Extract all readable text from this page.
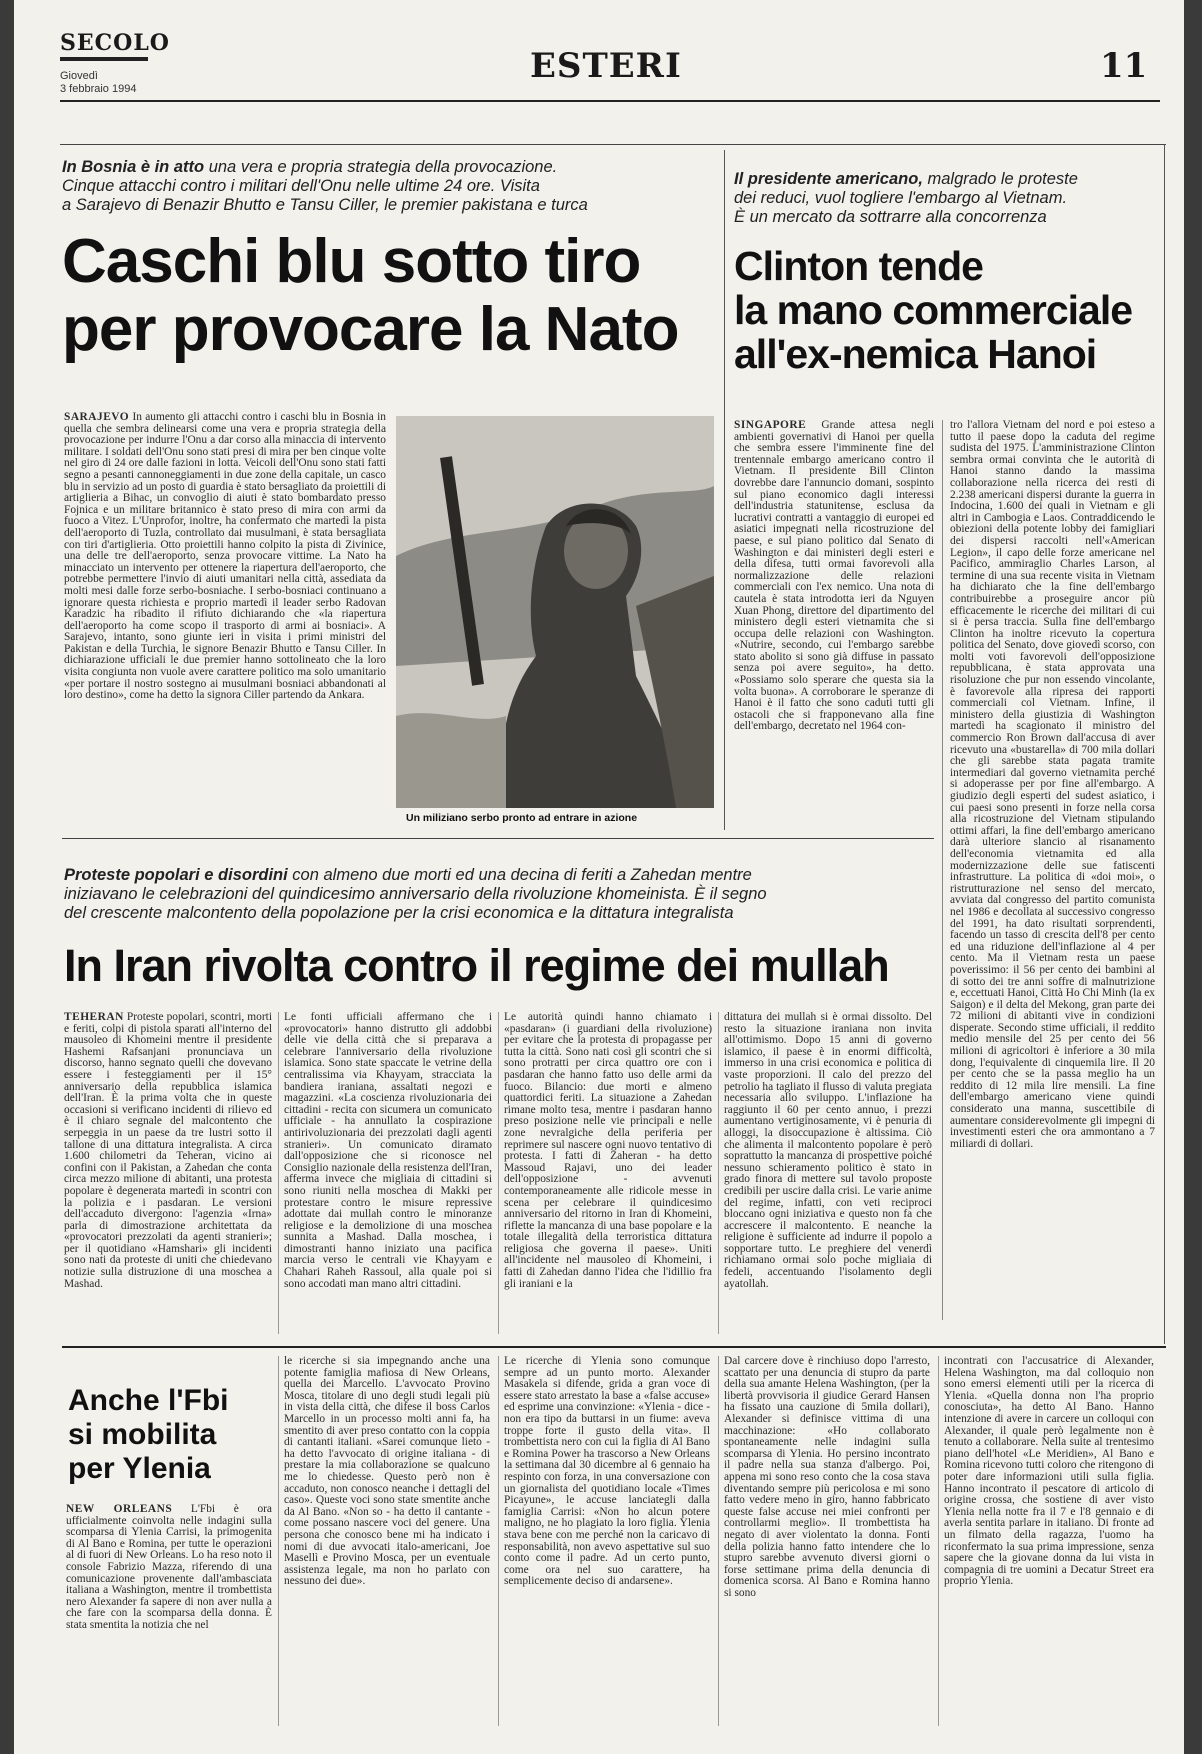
SECOLO
Giovedì
3 febbraio 1994
ESTERI	11
In Bosnia è in atto una vera e propria strategia della provocazione.
Cinque attacchi contro i militari dell'Onu nelle ultime 24 ore. Visita
a Sarajevo di Benazir Bhutto e Tansu Ciller, le premier pakistana e turca
Caschi blu sotto tiro
per provocare la Nato
SARAJEVO In aumento gli attacchi contro i caschi blu in Bosnia in quella che sembra delinearsi come una vera e propria strategia della provocazione per indurre l'Onu a dar corso alla minaccia di intervento militare. I soldati dell'Onu sono stati presi di mira per ben cinque volte nel giro di 24 ore dalle fazioni in lotta. Veicoli dell'Onu sono stati fatti segno a pesanti cannoneggiamenti in due zone della capitale, un casco blu in servizio ad un posto di guardia è stato bersagliato da proiettili di artiglieria a Bihac, un convoglio di aiuti è stato bombardato presso Fojnica e un militare britannico è stato preso di mira con armi da fuoco a Vitez. L'Unprofor, inoltre, ha confermato che martedì la pista dell'aeroporto di Tuzla, controllato dai musulmani, è stata bersagliata con tiri d'artiglieria. Otto proiettili hanno colpito la pista di Zivinice, una delle tre dell'aeroporto, senza provocare vittime. La Nato ha minacciato un intervento per ottenere la riapertura dell'aeroporto, che potrebbe permettere l'invio di aiuti umanitari nella città, assediata da molti mesi dalle forze serbo-bosniache. I serbo-bosniaci continuano a ignorare questa richiesta e proprio martedì il leader serbo Radovan Karadzic ha ribadito il rifiuto dichiarando che «la riapertura dell'aeroporto ha come scopo il trasporto di armi ai bosniaci». A Sarajevo, intanto, sono giunte ieri in visita i primi ministri del Pakistan e della Turchia, le signore Benazir Bhutto e Tansu Ciller. In dichiarazione ufficiali le due premier hanno sottolineato che la loro visita congiunta non vuole avere carattere politico ma solo umanitario «per portare il nostro sostegno ai musulmani bosniaci abbandonati al loro destino», come ha detto la signora Ciller partendo da Ankara.
Un miliziano serbo pronto ad entrare in azione
Il presidente americano, malgrado le proteste
dei reduci, vuol togliere l'embargo al Vietnam.
È un mercato da sottrarre alla concorrenza
Clinton tende
la mano commerciale
all'ex-nemica Hanoi
SINGAPORE Grande attesa negli ambienti governativi di Hanoi per quella che sembra essere l'imminente fine del trentennale embargo americano contro il Vietnam. Il presidente Bill Clinton dovrebbe dare l'annuncio domani, sospinto sul piano economico dagli interessi dell'industria statunitense, esclusa da lucrativi contratti a vantaggio di europei ed asiatici impegnati nella ricostruzione del paese, e sul piano politico dal Senato di Washington e dai ministeri degli esteri e della difesa, tutti ormai favorevoli alla normalizzazione delle relazioni commerciali con l'ex nemico. Una nota di cautela è stata introdotta ieri da Nguyen Xuan Phong, direttore del dipartimento del ministero degli esteri vietnamita che si occupa delle relazioni con Washington. «Nutrire, secondo, cui l'embargo sarebbe stato abolito si sono già diffuse in passato senza poi avere seguito», ha detto. «Possiamo solo sperare che questa sia la volta buona». A corroborare le speranze di Hanoi è il fatto che sono caduti tutti gli ostacoli che si frapponevano alla fine dell'embargo, decretato nel 1964 con-
tro l'allora Vietnam del nord e poi esteso a tutto il paese dopo la caduta del regime sudista del 1975. L'amministrazione Clinton sembra ormai convinta che le autorità di Hanoi stanno dando la massima collaborazione nella ricerca dei resti di 2.238 americani dispersi durante la guerra in Indocina, 1.600 dei quali in Vietnam e gli altri in Cambogia e Laos. Contraddicendo le obiezioni della potente lobby dei famigliari dei dispersi raccolti nell'«American Legion», il capo delle forze americane nel Pacifico, ammiraglio Charles Larson, al termine di una sua recente visita in Vietnam ha dichiarato che la fine dell'embargo contribuirebbe a proseguire ancor più efficacemente le ricerche dei militari di cui si è persa traccia. Sulla fine dell'embargo Clinton ha inoltre ricevuto la copertura politica del Senato, dove giovedì scorso, con molti voti favorevoli dell'opposizione repubblicana, è stata approvata una risoluzione che pur non essendo vincolante, è favorevole alla ripresa dei rapporti commerciali col Vietnam. Infine, il ministero della giustizia di Washington martedì ha scagionato il ministro del commercio Ron Brown dall'accusa di aver ricevuto una «bustarella» di 700 mila dollari che gli sarebbe stata pagata tramite intermediari dal governo vietnamita perché si adoperasse per por fine all'embargo. A giudizio degli esperti del sudest asiatico, i cui paesi sono presenti in forze nella corsa alla ricostruzione del Vietnam stipulando ottimi affari, la fine dell'embargo americano darà ulteriore slancio al risanamento dell'economia vietnamita ed alla modernizzazione delle sue fatiscenti infrastrutture. La politica di «doi moi», o ristrutturazione nel senso del mercato, avviata dal congresso del partito comunista nel 1986 e decollata al successivo congresso del 1991, ha dato risultati sorprendenti, facendo un tasso di crescita dell'8 per cento ed una riduzione dell'inflazione al 4 per cento. Ma il Vietnam resta un paese poverissimo: il 56 per cento dei bambini al di sotto dei tre anni soffre di malnutrizione e, eccettuati Hanoi, Città Ho Chi Minh (la ex Saigon) e il delta del Mekong, gran parte dei 72 milioni di abitanti vive in condizioni disperate. Secondo stime ufficiali, il reddito medio mensile del 25 per cento dei 56 milioni di agricoltori è inferiore a 30 mila dong, l'equivalente di cinquemila lire. Il 20 per cento che se la passa meglio ha un reddito di 12 mila lire mensili. La fine dell'embargo americano viene quindi considerato una manna, suscettibile di aumentare considerevolmente gli impegni di investimenti esteri che ora ammontano a 7 miliardi di dollari.
Proteste popolari e disordini con almeno due morti ed una decina di feriti a Zahedan mentre
iniziavano le celebrazioni del quindicesimo anniversario della rivoluzione khomeinista. È il segno
del crescente malcontento della popolazione per la crisi economica e la dittatura integralista
In Iran rivolta contro il regime dei mullah
TEHERAN Proteste popolari, scontri, morti e feriti, colpi di pistola sparati all'interno del mausoleo di Khomeini mentre il presidente Hashemi Rafsanjani pronunciava un discorso, hanno segnato quelli che dovevano essere i festeggiamenti per il 15° anniversario della repubblica islamica dell'Iran. È la prima volta che in queste occasioni si verificano incidenti di rilievo ed è il chiaro segnale del malcontento che serpeggia in un paese da tre lustri sotto il tallone di una dittatura integralista. A circa 1.600 chilometri da Teheran, vicino ai confini con il Pakistan, a Zahedan che conta circa mezzo milione di abitanti, una protesta popolare è degenerata martedì in scontri con la polizia e i pasdaran. Le versioni dell'accaduto divergono: l'agenzia «Irna» parla di dimostrazione architettata da «provocatori prezzolati da agenti stranieri»; per il quotidiano «Hamshari» gli incidenti sono nati da proteste di uniti che chiedevano notizie sulla distruzione di una moschea a Mashad.
Le fonti ufficiali affermano che i «provocatori» hanno distrutto gli addobbi delle vie della città che si preparava a celebrare l'anniversario della rivoluzione islamica. Sono state spaccate le vetrine della centralissima via Khayyam, stracciata la bandiera iraniana, assaltati negozi e magazzini. «La coscienza rivoluzionaria dei cittadini - recita con sicumera un comunicato ufficiale - ha annullato la cospirazione antirivoluzionaria dei prezzolati dagli agenti stranieri». Un comunicato diramato dall'opposizione che si riconosce nel Consiglio nazionale della resistenza dell'Iran, afferma invece che migliaia di cittadini si sono riuniti nella moschea di Makki per protestare contro le misure repressive adottate dai mullah contro le minoranze religiose e la demolizione di una moschea sunnita a Mashad. Dalla moschea, i dimostranti hanno iniziato una pacifica marcia verso le centrali vie Khayyam e Chahari Raheh Rassoul, alla quale poi si sono accodati man mano altri cittadini.
Le autorità quindi hanno chiamato i «pasdaran» (i guardiani della rivoluzione) per evitare che la protesta di propagasse per tutta la città. Sono nati così gli scontri che si sono protratti per circa quattro ore con i pasdaran che hanno fatto uso delle armi da fuoco. Bilancio: due morti e almeno quattordici feriti. La situazione a Zahedan rimane molto tesa, mentre i pasdaran hanno preso posizione nelle vie principali e nelle zone nevralgiche della periferia per reprimere sul nascere ogni nuovo tentativo di protesta. I fatti di Zaheran - ha detto Massoud Rajavi, uno dei leader dell'opposizione - avvenuti contemporaneamente alle ridicole messe in scena per celebrare il quindicesimo anniversario del ritorno in Iran di Khomeini, riflette la mancanza di una base popolare e la totale illegalità della terroristica dittatura religiosa che governa il paese». Uniti all'incidente nel mausoleo di Khomeini, i fatti di Zahedan danno l'idea che l'idillio fra gli iraniani e la
dittatura dei mullah si è ormai dissolto. Del resto la situazione iraniana non invita all'ottimismo. Dopo 15 anni di governo islamico, il paese è in enormi difficoltà, immerso in una crisi economica e politica di vaste proporzioni. Il calo del prezzo del petrolio ha tagliato il flusso di valuta pregiata necessaria allo sviluppo. L'inflazione ha raggiunto il 60 per cento annuo, i prezzi aumentano vertiginosamente, vi è penuria di alloggi, la disoccupazione è altissima. Ciò che alimenta il malcontento popolare è però soprattutto la mancanza di prospettive poiché nessuno schieramento politico è stato in grado finora di mettere sul tavolo proposte credibili per uscire dalla crisi. Le varie anime del regime, infatti, con veti reciproci bloccano ogni iniziativa e questo non fa che accrescere il malcontento. E neanche la religione è sufficiente ad indurre il popolo a sopportare tutto. Le preghiere del venerdì richiamano ormai solo poche migliaia di fedeli, accentuando l'isolamento degli ayatollah.
Anche l'Fbi
si mobilita
per Ylenia
NEW ORLEANS L'Fbi è ora ufficialmente coinvolta nelle indagini sulla scomparsa di Ylenia Carrisi, la primogenita di Al Bano e Romina, per tutte le operazioni al di fuori di New Orleans. Lo ha reso noto il console Fabrizio Mazza, riferendo di una comunicazione provenente dall'ambasciata italiana a Washington, mentre il trombettista nero Alexander fa sapere di non aver nulla a che fare con la scomparsa della donna. È stata smentita la notizia che nel
le ricerche si sia impegnando anche una potente famiglia mafiosa di New Orleans, quella dei Marcello. L'avvocato Provino Mosca, titolare di uno degli studi legali più in vista della città, che difese il boss Carlos Marcello in un processo molti anni fa, ha smentito di aver preso contatto con la coppia di cantanti italiani. «Sarei comunque lieto - ha detto l'avvocato di origine italiana - di prestare la mia collaborazione se qualcuno me lo chiedesse. Questo però non è accaduto, non conosco neanche i dettagli del caso». Queste voci sono state smentite anche da Al Bano. «Non so - ha detto il cantante - come possano nascere voci del genere. Una persona che conosco bene mi ha indicato i nomi di due avvocati italo-americani, Joe Masellì e Provino Mosca, per un eventuale assistenza legale, ma non ho parlato con nessuno dei due».
Le ricerche di Ylenia sono comunque sempre ad un punto morto. Alexander Masakela si difende, grida a gran voce di essere stato arrestato la base a «false accuse» ed esprime una convinzione: «Ylenia - dice - non era tipo da buttarsi in un fiume: aveva troppe forte il gusto della vita». Il trombettista nero con cui la figlia di Al Bano e Romina Power ha trascorso a New Orleans la settimana dal 30 dicembre al 6 gennaio ha respinto con forza, in una conversazione con un giornalista del quotidiano locale «Times Picayune», le accuse lanciategli dalla famiglia Carrisi: «Non ho alcun potere maligno, ne ho plagiato la loro figlia. Ylenia stava bene con me perché non la caricavo di responsabilità, non avevo aspettative sul suo conto come il padre. Ad un certo punto, come ora nel suo carattere, ha semplicemente deciso di andarsene».
Dal carcere dove è rinchiuso dopo l'arresto, scattato per una denuncia di stupro da parte della sua amante Helena Washington, (per la libertà provvisoria il giudice Gerard Hansen ha fissato una cauzione di 5mila dollari), Alexander si definisce vittima di una macchinazione: «Ho collaborato spontaneamente nelle indagini sulla scomparsa di Ylenia. Ho persino incontrato il padre nella sua stanza d'albergo. Poi, appena mi sono reso conto che la cosa stava diventando sempre più pericolosa e mi sono fatto vedere meno in giro, hanno fabbricato queste false accuse nei miei confronti per controllarmi meglio». Il trombettista ha negato di aver violentato la donna. Fonti della polizia hanno fatto intendere che lo stupro sarebbe avvenuto diversi giorni o forse settimane prima della denuncia di domenica scorsa. Al Bano e Romina hanno si sono
incontrati con l'accusatrice di Alexander, Helena Washington, ma dal colloquio non sono emersi elementi utili per la ricerca di Ylenia. «Quella donna non l'ha proprio conosciuta», ha detto Al Bano. Hanno intenzione di avere in carcere un colloqui con Alexander, il quale però legalmente non è tenuto a collaborare. Nella suite al trentesimo piano dell'hotel «Le Meridien», Al Bano e Romina ricevono tutti coloro che ritengono di poter dare informazioni utili sulla figlia. Hanno incontrato il pescatore di articolo di origine crossa, che sostiene di aver visto Ylenia nella notte fra il 7 e l'8 gennaio e di averla sentita parlare in italiano. Di fronte ad un filmato della ragazza, l'uomo ha riconfermato la sua prima impressione, senza sapere che la giovane donna da lui vista in compagnia di tre uomini a Decatur Street era proprio Ylenia.
